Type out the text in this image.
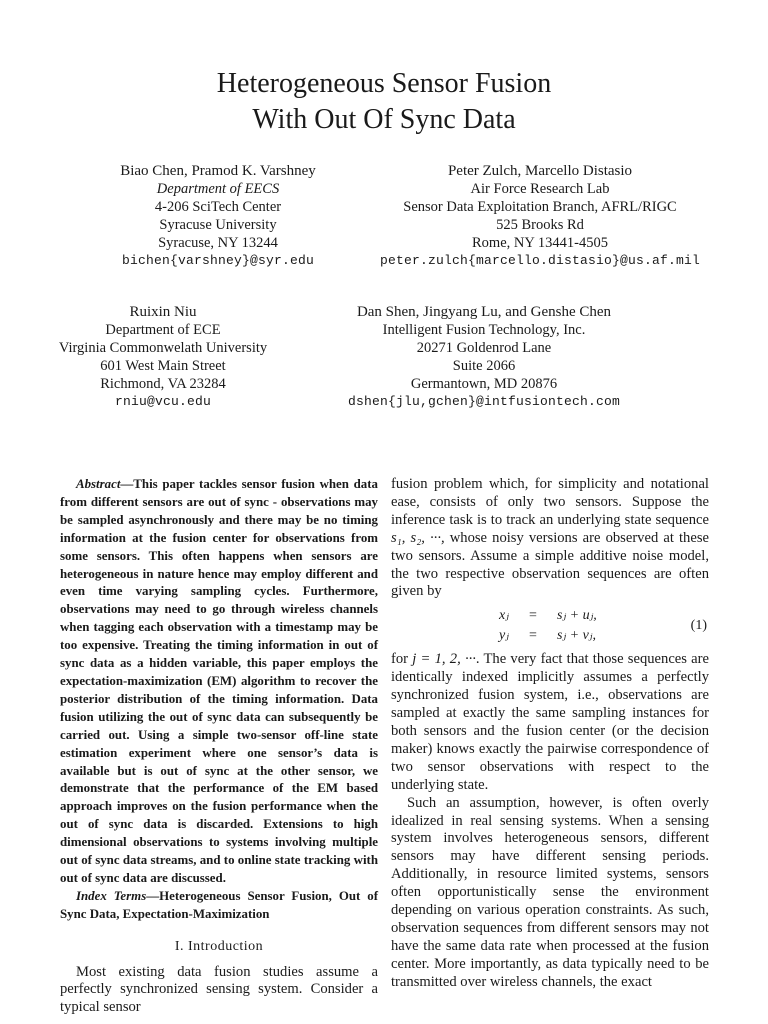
Heterogeneous Sensor Fusion
With Out Of Sync Data
Biao Chen, Pramod K. Varshney
Department of EECS
4-206 SciTech Center
Syracuse University
Syracuse, NY 13244
bichen{varshney}@syr.edu
Peter Zulch, Marcello Distasio
Air Force Research Lab
Sensor Data Exploitation Branch, AFRL/RIGC
525 Brooks Rd
Rome, NY 13441-4505
peter.zulch{marcello.distasio}@us.af.mil
Ruixin Niu
Department of ECE
Virginia Commonwelath University
601 West Main Street
Richmond, VA 23284
rniu@vcu.edu
Dan Shen, Jingyang Lu, and Genshe Chen
Intelligent Fusion Technology, Inc.
20271 Goldenrod Lane
Suite 2066
Germantown, MD 20876
dshen{jlu,gchen}@intfusiontech.com

Abstract—This paper tackles sensor fusion when data from different sensors are out of sync - observations may be sampled asynchronously and there may be no timing information at the fusion center for observations from some sensors. This often happens when sensors are heterogeneous in nature hence may employ different and even time varying sampling cycles. Furthermore, observations may need to go through wireless channels when tagging each observation with a timestamp may be too expensive. Treating the timing information in out of sync data as a hidden variable, this paper employs the expectation-maximization (EM) algorithm to recover the posterior distribution of the timing information. Data fusion utilizing the out of sync data can subsequently be carried out. Using a simple two-sensor off-line state estimation experiment where one sensor’s data is available but is out of sync at the other sensor, we demonstrate that the performance of the EM based approach improves on the fusion performance when the out of sync data is discarded. Extensions to high dimensional observations to systems involving multiple out of sync data streams, and to online state tracking with out of sync data are discussed.

Index Terms—Heterogeneous Sensor Fusion, Out of Sync Data, Expectation-Maximization

I. Introduction

Most existing data fusion studies assume a perfectly synchronized sensing system. Consider a typical sensor

fusion problem which, for simplicity and notational ease, consists of only two sensors. Suppose the inference task is to track an underlying state sequence s₁, s₂, ···, whose noisy versions are observed at these two sensors. Assume a simple additive noise model, the two respective observation sequences are often given by

xⱼ = sⱼ + uⱼ,
yⱼ = sⱼ + vⱼ,
(1)

for j = 1, 2, ···. The very fact that those sequences are identically indexed implicitly assumes a perfectly synchronized fusion system, i.e., observations are sampled at exactly the same sampling instances for both sensors and the fusion center (or the decision maker) knows exactly the pairwise correspondence of two sensor observations with respect to the underlying state.

Such an assumption, however, is often overly idealized in real sensing systems. When a sensing system involves heterogeneous sensors, different sensors may have different sensing periods. Additionally, in resource limited systems, sensors often opportunistically sense the environment depending on various operation constraints. As such, observation sequences from different sensors may not have the same data rate when processed at the fusion center. More importantly, as data typically need to be transmitted over wireless channels, the exact
